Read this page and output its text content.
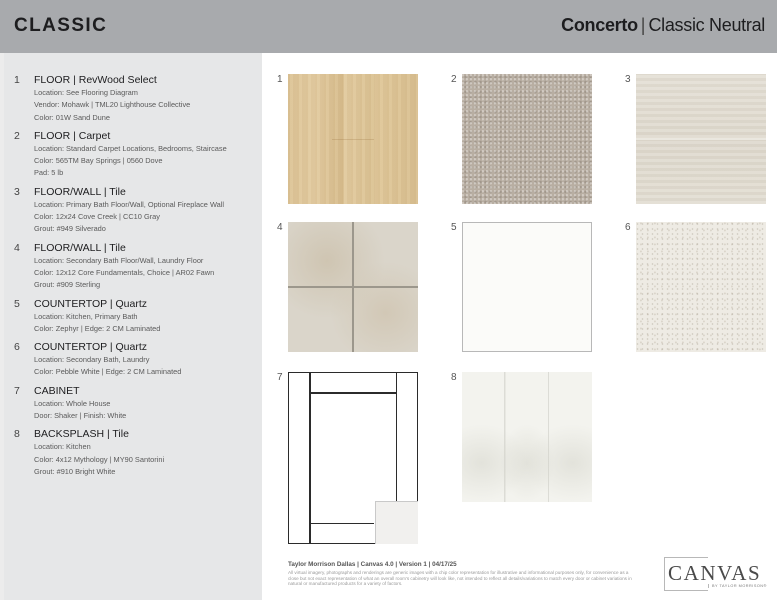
CLASSIC	Concerto | Classic Neutral
1 FLOOR | RevWood Select
Location: See Flooring Diagram
Vendor: Mohawk | TML20 Lighthouse Collective
Color: 01W Sand Dune
2 FLOOR | Carpet
Location: Standard Carpet Locations, Bedrooms, Staircase
Color: 565TM Bay Springs | 0560 Dove
Pad: 5 lb
3 FLOOR/WALL | Tile
Location: Primary Bath Floor/Wall, Optional Fireplace Wall
Color: 12x24 Cove Creek | CC10 Gray
Grout: #949 Silverado
4 FLOOR/WALL | Tile
Location: Secondary Bath Floor/Wall, Laundry Floor
Color: 12x12 Core Fundamentals, Choice | AR02 Fawn
Grout: #909 Sterling
5 COUNTERTOP | Quartz
Location: Kitchen, Primary Bath
Color: Zephyr | Edge: 2 CM Laminated
6 COUNTERTOP | Quartz
Location: Secondary Bath, Laundry
Color: Pebble White | Edge: 2 CM Laminated
7 CABINET
Location: Whole House
Door: Shaker | Finish: White
8 BACKSPLASH | Tile
Location: Kitchen
Color: 4x12 Mythology | MY90 Santorini
Grout: #910 Bright White
1	2	3
4	5	6
7	8
Taylor Morrison Dallas | Canvas 4.0 | Version 1 | 04/17/25
All virtual imagery, photographs and renderings are generic images with a chip color representation for illustrative and informational purposes only, for convenience as a close but not exact representation of what an overall room's cabinetry will look like, not intended to reflect all details/variations to match every door or cabinet variations in natural or manufactured products for a variety of factors.	CANVAS
BY TAYLOR MORRISON®
